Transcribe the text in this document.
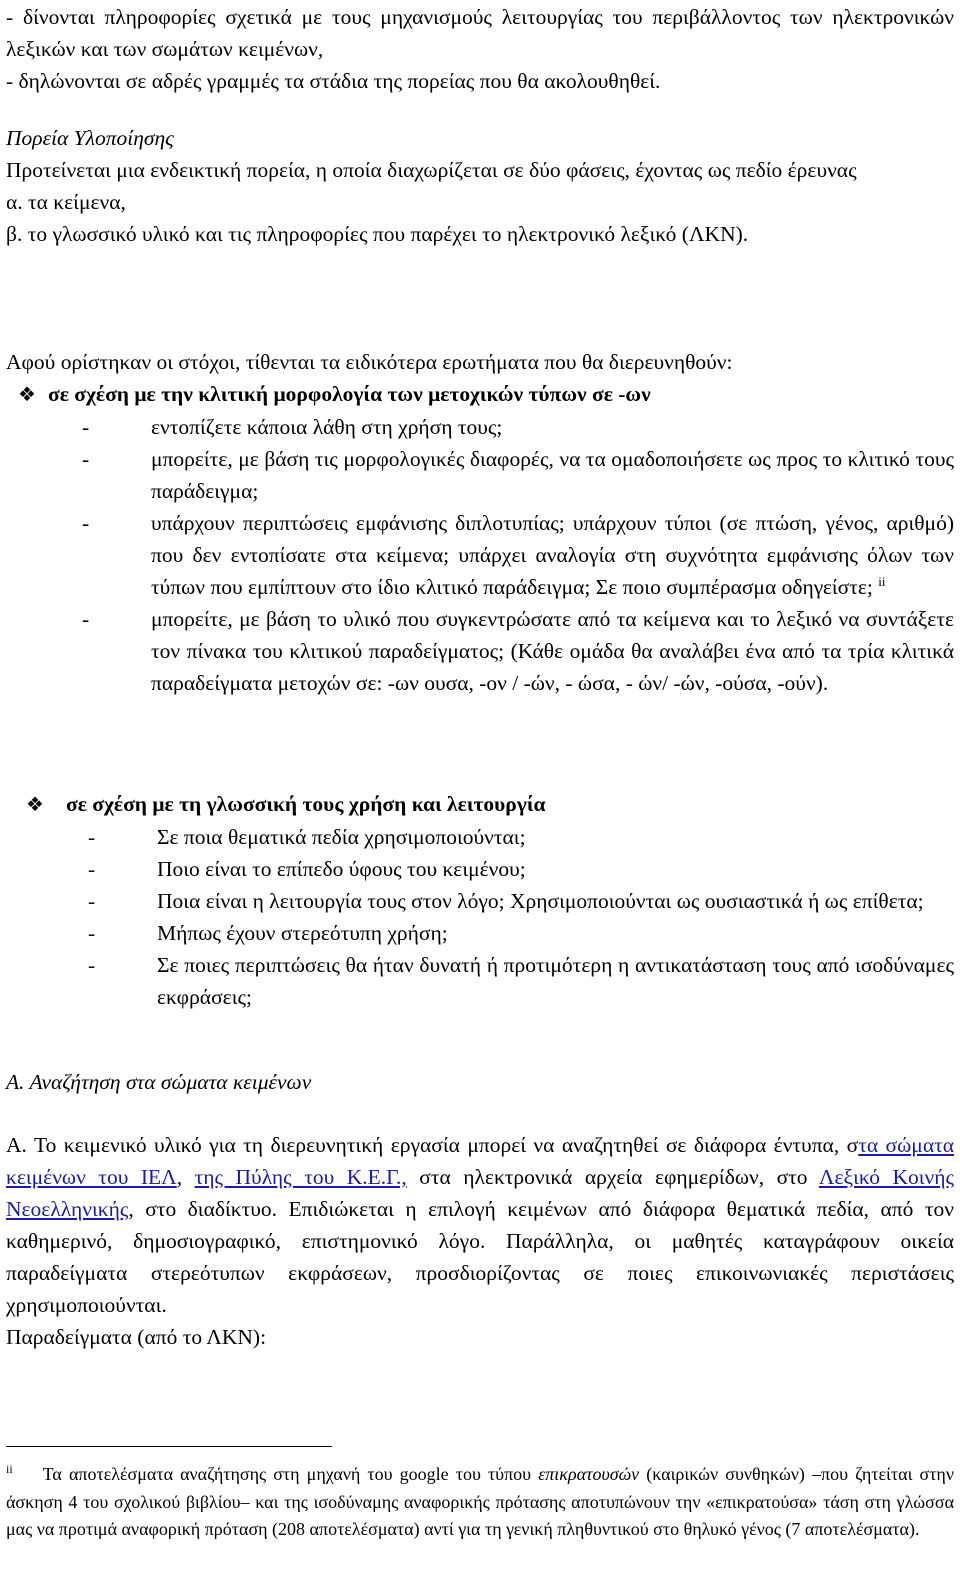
- δίνονται πληροφορίες σχετικά με τους μηχανισμούς λειτουργίας του περιβάλλοντος των ηλεκτρονικών λεξικών και των σωμάτων κειμένων,

- δηλώνονται σε αδρές γραμμές τα στάδια της πορείας που θα ακολουθηθεί.

Πορεία Υλοποίησης

Προτείνεται μια ενδεικτική πορεία, η οποία διαχωρίζεται σε δύο φάσεις, έχοντας ως πεδίο έρευνας

α. τα κείμενα,

β. το γλωσσικό υλικό και τις πληροφορίες που παρέχει το ηλεκτρονικό λεξικό (ΛΚΝ).

Αφού ορίστηκαν οι στόχοι, τίθενται τα ειδικότερα ερωτήματα που θα διερευνηθούν:

❖ σε σχέση με την κλιτική μορφολογία των μετοχικών τύπων σε -ων
-	εντοπίζετε κάποια λάθη στη χρήση τους;
-	μπορείτε, με βάση τις μορφολογικές διαφορές, να τα ομαδοποιήσετε ως προς το κλιτικό τους παράδειγμα;
-	υπάρχουν περιπτώσεις εμφάνισης διπλοτυπίας; υπάρχουν τύποι (σε πτώση, γένος, αριθμό) που δεν εντοπίσατε στα κείμενα; υπάρχει αναλογία στη συχνότητα εμφάνισης όλων των τύπων που εμπίπτουν στο ίδιο κλιτικό παράδειγμα; Σε ποιο συμπέρασμα οδηγείστε; $^{ii}$
-	μπορείτε, με βάση το υλικό που συγκεντρώσατε από τα κείμενα και το λεξικό να συντάξετε τον πίνακα του κλιτικού παραδείγματος; (Κάθε ομάδα θα αναλάβει ένα από τα τρία κλιτικά παραδείγματα μετοχών σε: -ων ουσα, -ον / -ών, - ώσα, - ών/ -ών, -ούσα, -ούν).
❖	σε σχέση με τη γλωσσική τους χρήση και λειτουργία
-	Σε ποια θεματικά πεδία χρησιμοποιούνται;
-	Ποιο είναι το επίπεδο ύφους του κειμένου;
-	Ποια είναι η λειτουργία τους στον λόγο; Χρησιμοποιούνται ως ουσιαστικά ή ως επίθετα;
-	Μήπως έχουν στερεότυπη χρήση;
-	Σε ποιες περιπτώσεις θα ήταν δυνατή ή προτιμότερη η αντικατάσταση τους από ισοδύναμες εκφράσεις;

Α. Αναζήτηση στα σώματα κειμένων

Α. Το κειμενικό υλικό για τη διερευνητική εργασία μπορεί να αναζητηθεί σε διάφορα έντυπα, στα σώματα κειμένων του ΙΕΛ, της Πύλης του Κ.Ε.Γ., στα ηλεκτρονικά αρχεία εφημερίδων, στο Λεξικό Κοινής Νεοελληνικής, στο διαδίκτυο. Επιδιώκεται η επιλογή κειμένων από διάφορα θεματικά πεδία, από τον καθημερινό, δημοσιογραφικό, επιστημονικό λόγο. Παράλληλα, οι μαθητές καταγράφουν οικεία παραδείγματα στερεότυπων εκφράσεων, προσδιορίζοντας σε ποιες επικοινωνιακές περιστάσεις χρησιμοποιούνται.

Παραδείγματα (από το ΛΚΝ):

$^{ii}$ Τα αποτελέσματα αναζήτησης στη μηχανή του google του τύπου επικρατουσών (καιρικών συνθηκών) –που ζητείται στην άσκηση 4 του σχολικού βιβλίου– και της ισοδύναμης αναφορικής πρότασης αποτυπώνουν την «επικρατούσα» τάση στη γλώσσα μας να προτιμά αναφορική πρόταση (208 αποτελέσματα) αντί για τη γενική πληθυντικού στο θηλυκό γένος (7 αποτελέσματα).
